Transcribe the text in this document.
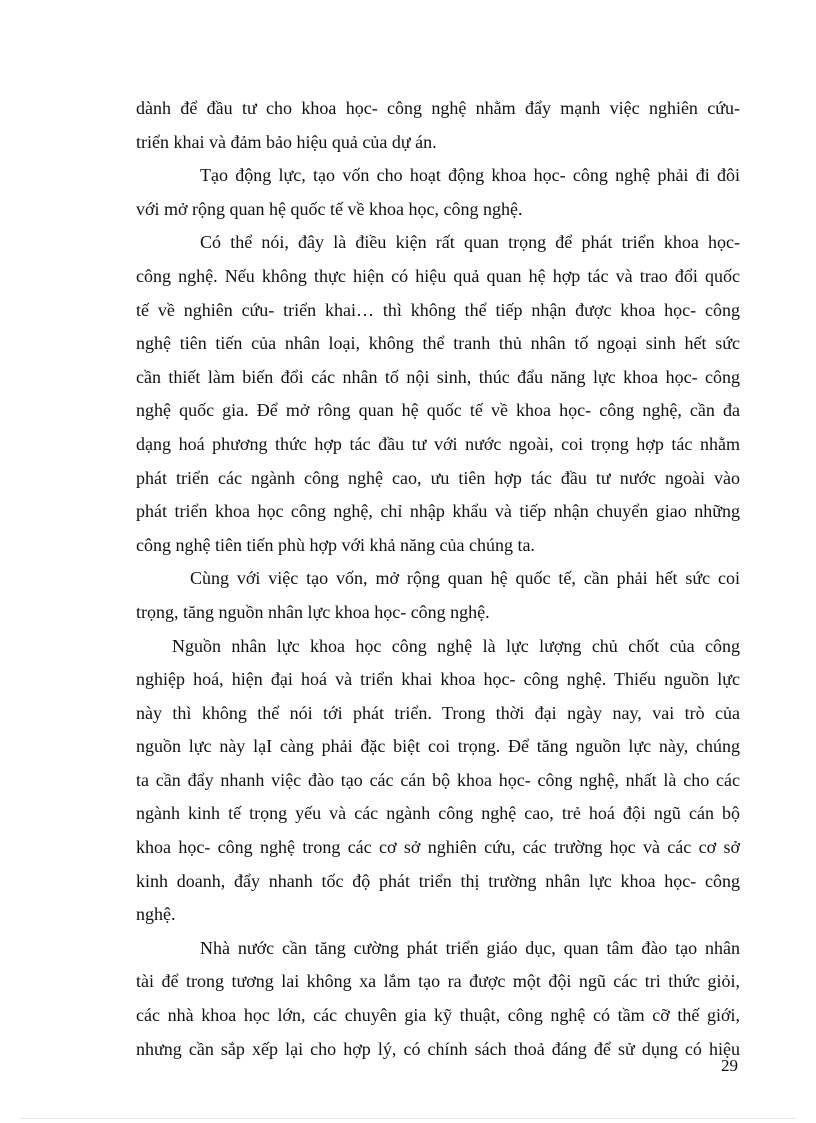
dành để đầu tư cho khoa học- công nghệ nhằm đẩy mạnh việc nghiên cứu-
triển khai và đảm bảo hiệu quả của dự án.
Tạo động lực, tạo vốn cho hoạt động khoa học- công nghệ phải đi đôi
với mở rộng quan hệ quốc tế về khoa học, công nghệ.
Có thể nói, đây là điều kiện rất quan trọng để phát triển khoa học-
công nghệ. Nếu không thực hiện có hiệu quả quan hệ hợp tác và trao đổi quốc
tế về nghiên cứu- triển khai… thì không thể tiếp nhận được khoa học- công
nghệ tiên tiến của nhân loại, không thể tranh thủ nhân tố ngoại sinh hết sức
cần thiết làm biến đổi các nhân tố nội sinh, thúc đẩu năng lực khoa học- công
nghệ quốc gia. Để mở rông quan hệ quốc tế về khoa học- công nghệ, cần đa
dạng hoá phương thức hợp tác đầu tư với nước ngoài, coi trọng hợp tác nhằm
phát triển các ngành công nghệ cao, ưu tiên hợp tác đầu tư nước ngoài vào
phát triển khoa học công nghệ, chỉ nhập khẩu và tiếp nhận chuyển giao những
công nghệ tiên tiến phù hợp với khả năng của chúng ta.
Cùng với việc tạo vốn, mở rộng quan hệ quốc tế, cần phải hết sức coi
trọng, tăng nguồn nhân lực khoa học- công nghệ.
Nguồn nhân lực khoa học công nghệ là lực lượng chủ chốt của công
nghiệp hoá, hiện đại hoá và triển khai khoa học- công nghệ. Thiếu nguồn lực
này thì không thể nói tới phát triển. Trong thời đại ngày nay, vai trò của
nguồn lực này lạI càng phải đặc biệt coi trọng. Để tăng nguồn lực này, chúng
ta cần đẩy nhanh việc đào tạo các cán bộ khoa học- công nghệ, nhất là cho các
ngành kinh tế trọng yếu và các ngành công nghệ cao, trẻ hoá đội ngũ cán bộ
khoa học- công nghệ trong các cơ sở nghiên cứu, các trường học và các cơ sở
kinh doanh, đẩy nhanh tốc độ phát triển thị trường nhân lực khoa học- công
nghệ.
Nhà nước cần tăng cường phát triển giáo dục, quan tâm đào tạo nhân
tài để trong tương lai không xa lắm tạo ra được một đội ngũ các tri thức giỏi,
các nhà khoa học lớn, các chuyên gia kỹ thuật, công nghệ có tầm cỡ thế giới,
nhưng cần sắp xếp lại cho hợp lý, có chính sách thoả đáng để sử dụng có hiệu
29
